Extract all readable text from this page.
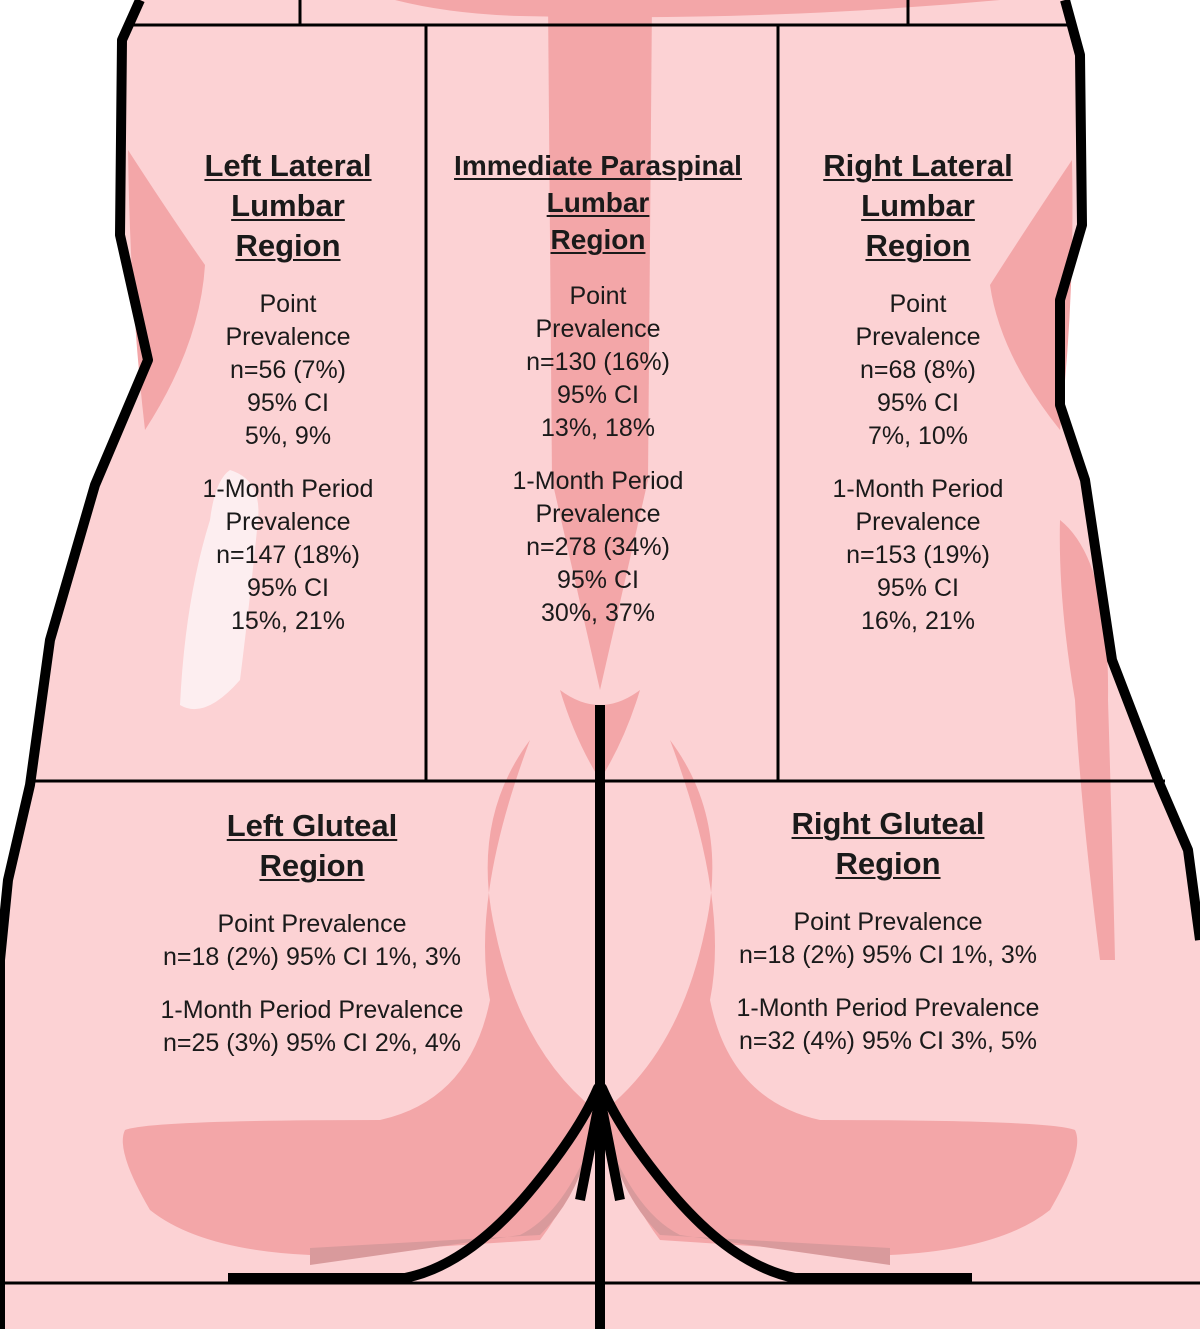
Left Lateral
Lumbar
Region
Point
Prevalence
n=56 (7%)
95% CI
5%, 9%
1-Month Period
Prevalence
n=147 (18%)
95% CI
15%, 21%
Immediate Paraspinal
Lumbar
Region
Point
Prevalence
n=130 (16%)
95% CI
13%, 18%
1-Month Period
Prevalence
n=278 (34%)
95% CI
30%, 37%
Right Lateral
Lumbar
Region
Point
Prevalence
n=68 (8%)
95% CI
7%, 10%
1-Month Period
Prevalence
n=153 (19%)
95% CI
16%, 21%
Left Gluteal
Region
Point Prevalence
n=18 (2%) 95% CI 1%, 3%
1-Month Period Prevalence
n=25 (3%) 95% CI 2%, 4%
Right Gluteal
Region
Point Prevalence
n=18 (2%) 95% CI 1%, 3%
1-Month Period Prevalence
n=32 (4%) 95% CI 3%, 5%
